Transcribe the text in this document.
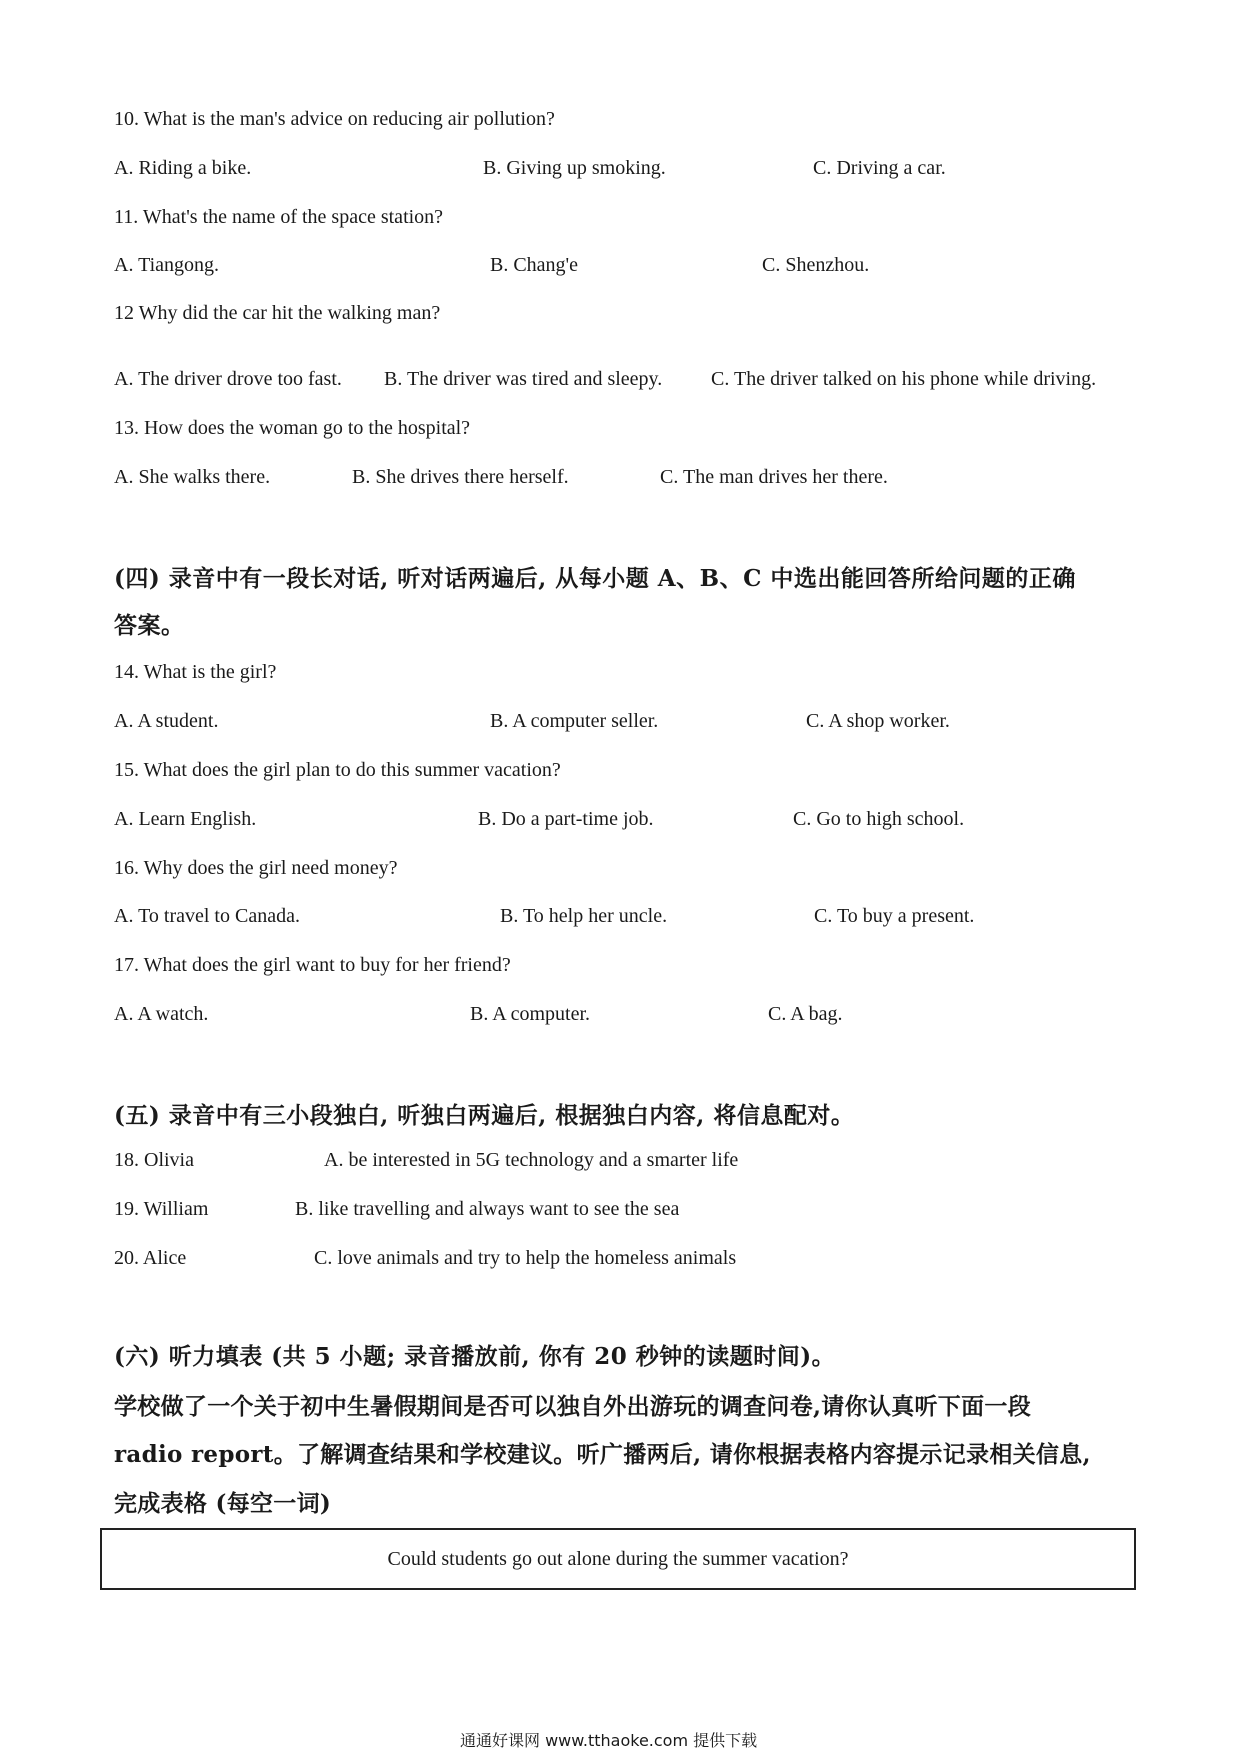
10. What is the man's advice on reducing air pollution?
A. Riding a bike.	B. Giving up smoking.	C. Driving a car.
11. What's the name of the space station?
A. Tiangong.	B. Chang'e	C. Shenzhou.
12 Why did the car hit the walking man?
A. The driver drove too fast. B. The driver was tired and sleepy. C. The driver talked on his phone while driving.
13. How does the woman go to the hospital?
A. She walks there.	B. She drives there herself.	C. The man drives her there.
(四) 录音中有一段长对话, 听对话两遍后, 从每小题 A、B、C 中选出能回答所给问题的正确
答案。
14. What is the girl?
A. A student.	B. A computer seller.	C. A shop worker.
15. What does the girl plan to do this summer vacation?
A. Learn English.	B. Do a part-time job.	C. Go to high school.
16. Why does the girl need money?
A. To travel to Canada.	B. To help her uncle.	C. To buy a present.
17. What does the girl want to buy for her friend?
A. A watch.	B. A computer.	C. A bag.
(五) 录音中有三小段独白, 听独白两遍后, 根据独白内容, 将信息配对。
18. Olivia	A. be interested in 5G technology and a smarter life
19. William	B. like travelling and always want to see the sea
20. Alice	C. love animals and try to help the homeless animals
(六) 听力填表 (共 5 小题; 录音播放前, 你有 20 秒钟的读题时间)。
学校做了一个关于初中生暑假期间是否可以独自外出游玩的调查问卷,请你认真听下面一段
radio report。了解调查结果和学校建议。听广播两后, 请你根据表格内容提示记录相关信息,
完成表格 (每空一词)
Could students go out alone during the summer vacation?
通通好课网 www.tthaoke.com 提供下载
